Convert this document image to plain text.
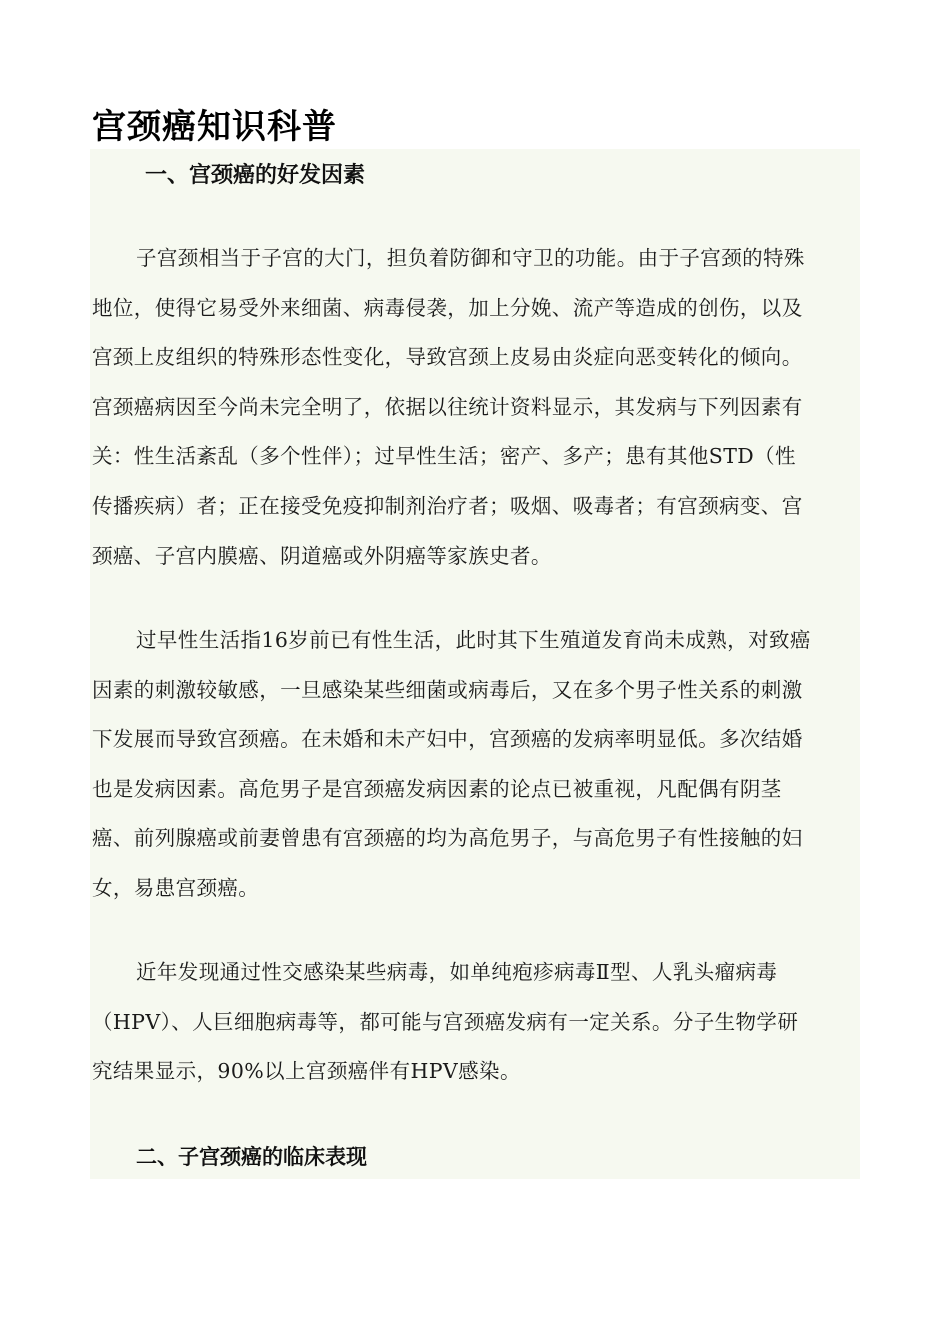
宫颈癌知识科普
一、宫颈癌的好发因素

子宫颈相当于子宫的大门，担负着防御和守卫的功能。由于子宫颈的特殊
地位，使得它易受外来细菌、病毒侵袭，加上分娩、流产等造成的创伤，以及
宫颈上皮组织的特殊形态性变化，导致宫颈上皮易由炎症向恶变转化的倾向。
宫颈癌病因至今尚未完全明了，依据以往统计资料显示，其发病与下列因素有
关：性生活紊乱（多个性伴）；过早性生活；密产、多产；患有其他STD（性
传播疾病）者；正在接受免疫抑制剂治疗者；吸烟、吸毒者；有宫颈病变、宫
颈癌、子宫内膜癌、阴道癌或外阴癌等家族史者。

过早性生活指16岁前已有性生活，此时其下生殖道发育尚未成熟，对致癌
因素的刺激较敏感，一旦感染某些细菌或病毒后，又在多个男子性关系的刺激
下发展而导致宫颈癌。在未婚和未产妇中，宫颈癌的发病率明显低。多次结婚
也是发病因素。高危男子是宫颈癌发病因素的论点已被重视，凡配偶有阴茎
癌、前列腺癌或前妻曾患有宫颈癌的均为高危男子，与高危男子有性接触的妇
女，易患宫颈癌。

近年发现通过性交感染某些病毒，如单纯疱疹病毒Ⅱ型、人乳头瘤病毒
（HPV）、人巨细胞病毒等，都可能与宫颈癌发病有一定关系。分子生物学研
究结果显示，90%以上宫颈癌伴有HPV感染。

二、子宫颈癌的临床表现
